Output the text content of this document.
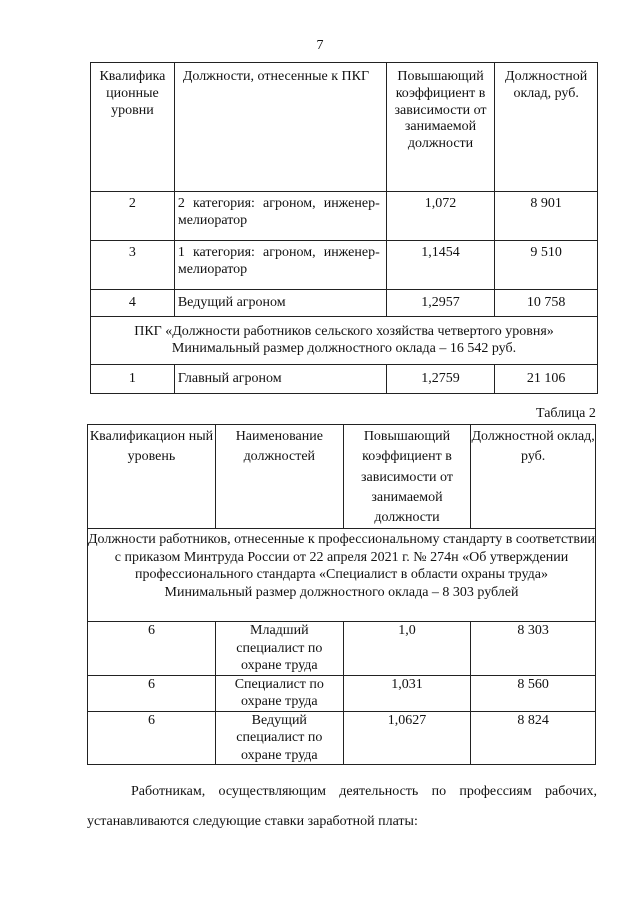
7
Квалифика ционные уровни	Должности, отнесенные к ПКГ	Повышающий коэффициент в зависимости от занимаемой должности	Должностной оклад, руб.
2	2 категория: агроном, инженер-мелиоратор	1,072	8 901
3	1 категория: агроном, инженер-мелиоратор	1,1454	9 510
4	Ведущий агроном	1,2957	10 758

ПКГ «Должности работников сельского хозяйства четвертого уровня»
Минимальный размер должностного оклада – 16 542 руб.			

1	Главный агроном	1,2759	21 106
Таблица 2
Квалификацион ный уровень	Наименование должностей	Повышающий коэффициент в зависимости от занимаемой должности	Должностной оклад, руб.

Должности работников, отнесенные к профессиональному стандарту в соответствии с приказом Минтруда России от 22 апреля 2021 г. № 274н «Об утверждении профессионального стандарта «Специалист в области охраны труда»
Минимальный размер должностного оклада – 8 303 рублей			

6	Младший специалист по охране труда	1,0	8 303
6	Специалист по охране труда	1,031	8 560
6	Ведущий специалист по охране труда	1,0627	8 824
Работникам, осуществляющим деятельность по профессиям рабочих, устанавливаются следующие ставки заработной платы:
